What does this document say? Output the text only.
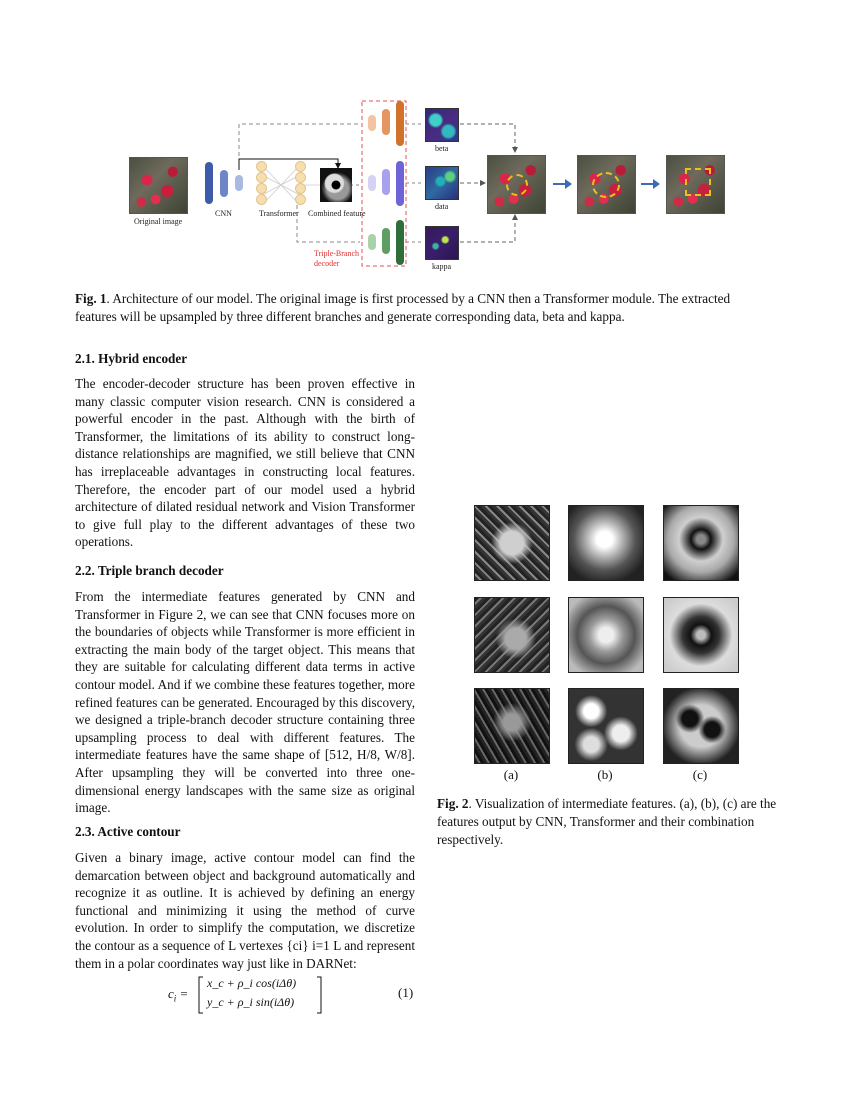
Original image
CNN	Transformer Combined feature
Triple-Branch decoder
beta
data
kappa
Fig. 1. Architecture of our model. The original image is first processed by a CNN then a Transformer module. The extracted features will be upsampled by three different branches and generate corresponding data, beta and kappa.
2.1. Hybrid encoder

The encoder-decoder structure has been proven effective in many classic computer vision research. CNN is considered a powerful encoder in the past. Although with the birth of Transformer, the limitations of its ability to construct long-distance relationships are magnified, we still believe that CNN has irreplaceable advantages in constructing local features. Therefore, the encoder part of our model used a hybrid architecture of dilated residual network and Vision Transformer to give full play to the different advantages of these two operations.

2.2. Triple branch decoder

From the intermediate features generated by CNN and Transformer in Figure 2, we can see that CNN focuses more on the boundaries of objects while Transformer is more efficient in extracting the main body of the target object. This means that they are suitable for calculating different data terms in active contour model. And if we combine these features together, more refined features can be generated. Encouraged by this discovery, we designed a triple-branch decoder structure containing three upsampling process to deal with different features. The intermediate features have the same shape of [512, H/8, W/8]. After upsampling they will be converted into three one-dimensional energy landscapes with the same size as original image.

2.3. Active contour

Given a binary image, active contour model can find the demarcation between object and background automatically and recognize it as outline. It is achieved by defining an energy functional and minimizing it using the method of curve evolution. In order to simplify the computation, we discretize the contour as a sequence of L vertexes {ci} i=1 L and represent them in a polar coordinates way just like in DARNet:

$c_i$ =
x_c + ρ_i cos(iΔθ)
y_c + ρ_i sin(iΔθ)
(1)
(a)	(b)	(c)
Fig. 2. Visualization of intermediate features. (a), (b), (c) are the features output by CNN, Transformer and their combination respectively.
